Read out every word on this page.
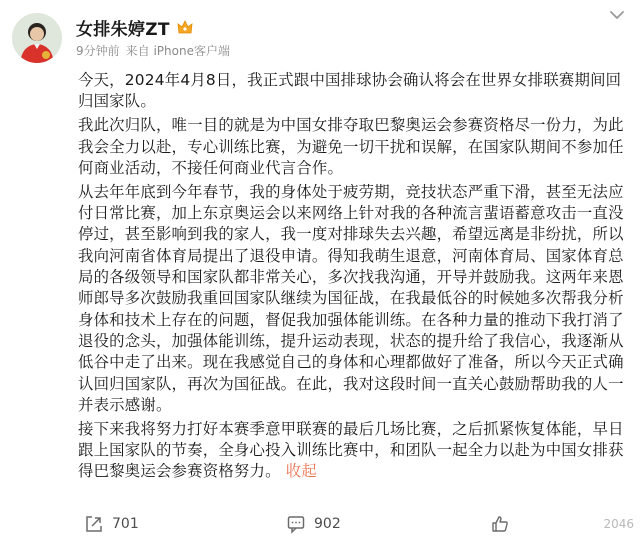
女排朱婷ZT
9分钟前 来自 iPhone客户端

今天，2024年4月8日，我正式跟中国排球协会确认将会在世界女排联赛期间回归国家队。

我此次归队，唯一目的就是为中国女排夺取巴黎奥运会参赛资格尽一份力，为此我会全力以赴，专心训练比赛，为避免一切干扰和误解，在国家队期间不参加任何商业活动，不接任何商业代言合作。

从去年年底到今年春节，我的身体处于疲劳期，竞技状态严重下滑，甚至无法应付日常比赛，加上东京奥运会以来网络上针对我的各种流言蜚语蓄意攻击一直没停过，甚至影响到我的家人，我一度对排球失去兴趣，希望远离是非纷扰，所以我向河南省体育局提出了退役申请。得知我萌生退意，河南体育局、国家体育总局的各级领导和国家队都非常关心，多次找我沟通，开导并鼓励我。这两年来恩师郎导多次鼓励我重回国家队继续为国征战，在我最低谷的时候她多次帮我分析身体和技术上存在的问题，督促我加强体能训练。在各种力量的推动下我打消了退役的念头，加强体能训练，提升运动表现，状态的提升给了我信心，我逐渐从低谷中走了出来。现在我感觉自己的身体和心理都做好了准备，所以今天正式确认回归国家队，再次为国征战。在此，我对这段时间一直关心鼓励帮助我的人一并表示感谢。

接下来我将努力打好本赛季意甲联赛的最后几场比赛，之后抓紧恢复体能，早日跟上国家队的节奏，全身心投入训练比赛中，和团队一起全力以赴为中国女排获得巴黎奥运会参赛资格努力。 收起

701	902	2046
